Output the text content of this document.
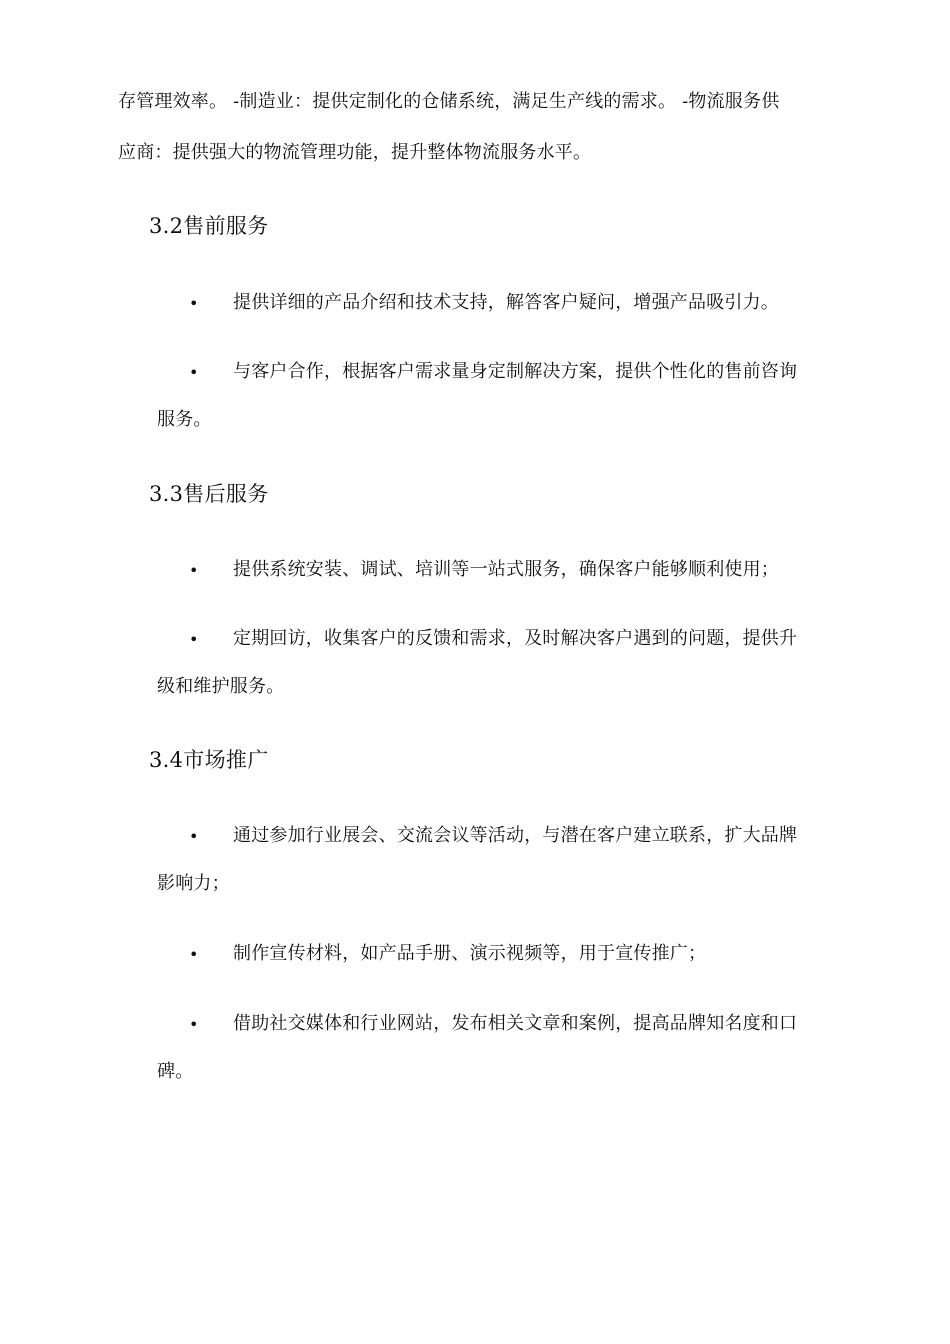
存管理效率。 -制造业：提供定制化的仓储系统，满足生产线的需求。 -物流服务供
应商：提供强大的物流管理功能，提升整体物流服务水平。
3.2售前服务
• 提供详细的产品介绍和技术支持，解答客户疑问，增强产品吸引力。
• 与客户合作，根据客户需求量身定制解决方案，提供个性化的售前咨询
服务。
3.3售后服务
• 提供系统安装、调试、培训等一站式服务，确保客户能够顺利使用；
• 定期回访，收集客户的反馈和需求，及时解决客户遇到的问题，提供升
级和维护服务。
3.4市场推广
• 通过参加行业展会、交流会议等活动，与潜在客户建立联系，扩大品牌
影响力；
• 制作宣传材料，如产品手册、演示视频等，用于宣传推广；
• 借助社交媒体和行业网站，发布相关文章和案例，提高品牌知名度和口
碑。
